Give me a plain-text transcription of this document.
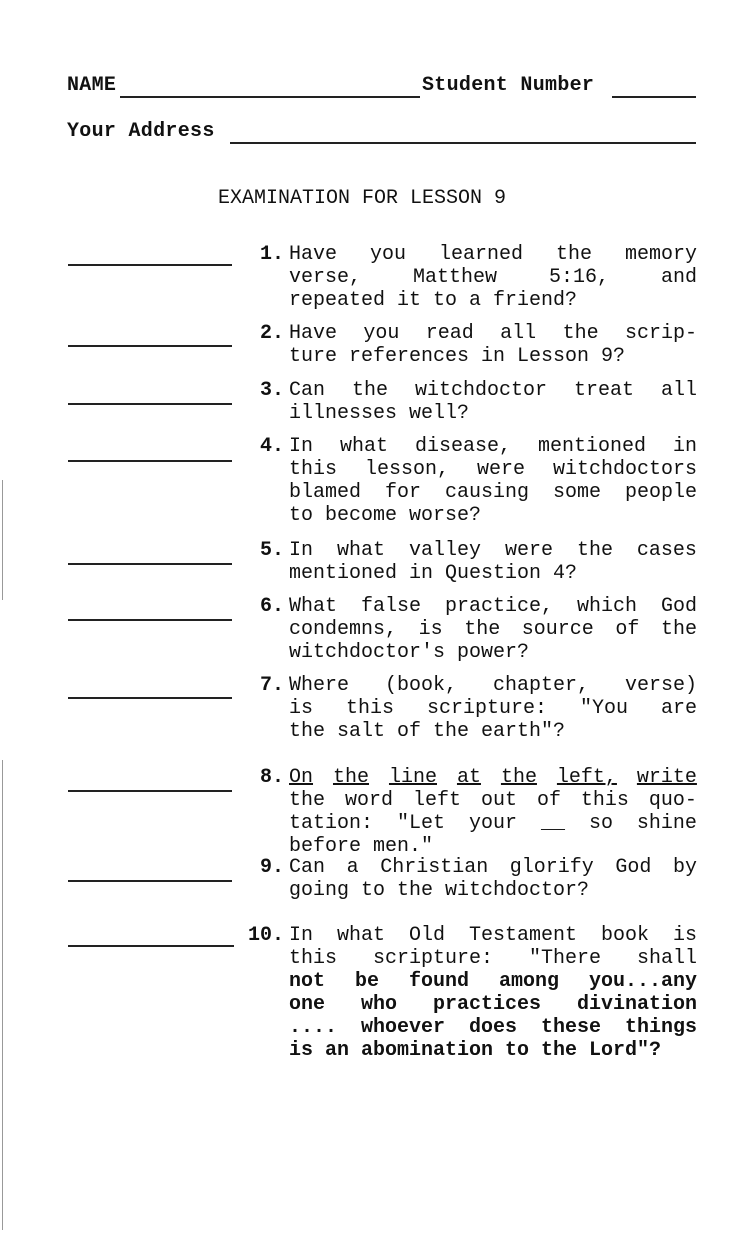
NAME	Student Number
Your Address
EXAMINATION FOR LESSON 9
1. Have you learned the memory
verse,	Matthew	5:16,	and
repeated it to a friend?
2. Have you read all the scrip-
ture references in Lesson 9?
3. Can the witchdoctor treat all
illnesses well?
4. In what disease, mentioned in
this lesson, were witchdoctors
blamed for causing some people
to become worse?
5. In what valley were the cases
mentioned in Question 4?
6. What false practice, which God
condemns, is the source of the
witchdoctor's power?
7. Where (book, chapter, verse)
is this scripture: "You are
the salt of the earth"?
8. On the line at the left, write
the word left out of this quo-
tation: "Let your __ so shine
before men."
9. Can a Christian glorify God by
going to the witchdoctor?
10. In what Old Testament book is
this scripture: "There shall
not be found among you...any
one who practices divination
.... whoever does these things
is an abomination to the Lord"?
